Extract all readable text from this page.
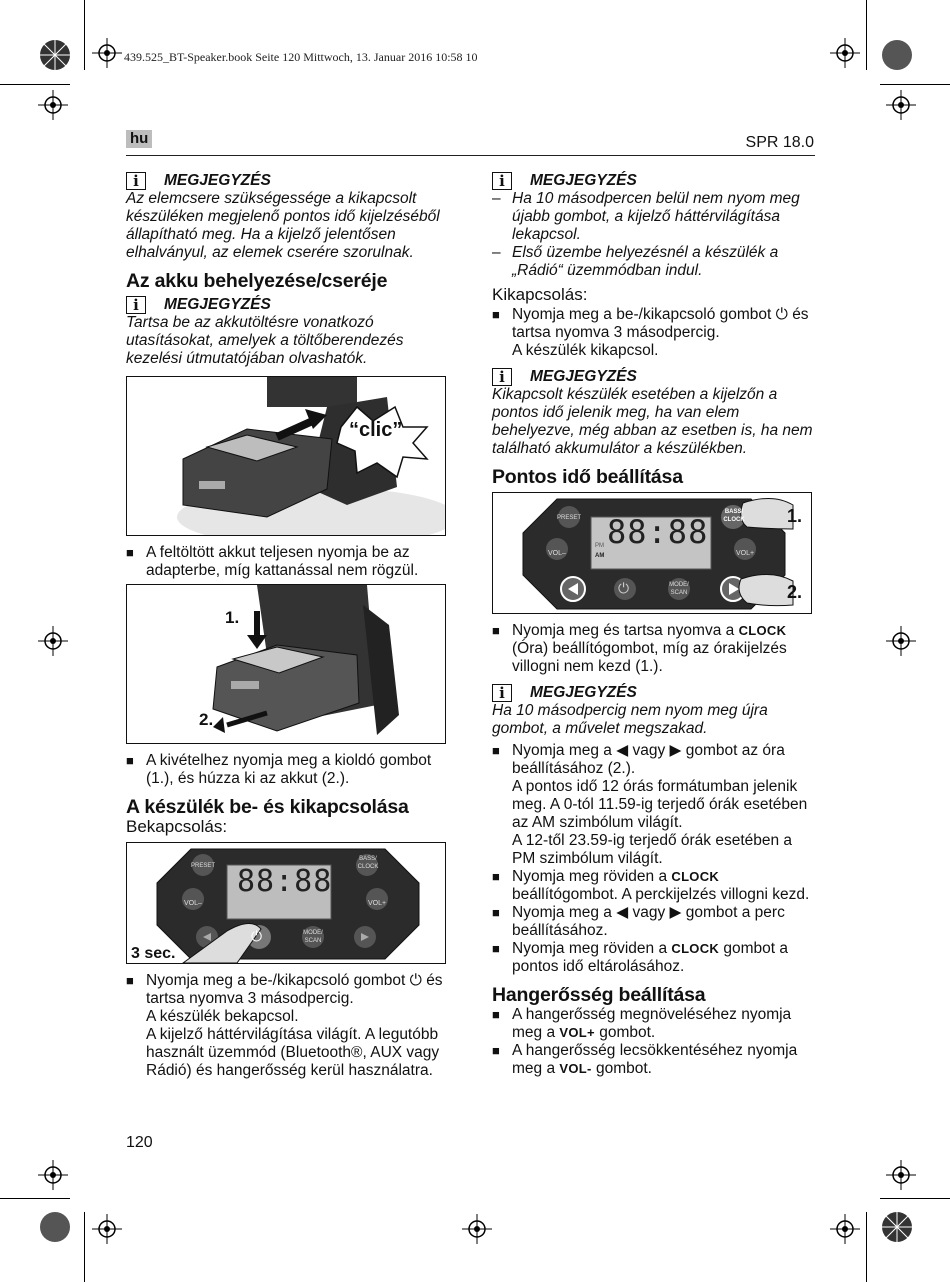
439.525_BT-Speaker.book Seite 120 Mittwoch, 13. Januar 2016 10:58 10
hu	SPR 18.0
i	MEGJEGYZÉS

Az elemcsere szükségessége a kikapcsolt készüléken megjelenő pontos idő kijelzéséből állapítható meg. Ha a kijelző jelentősen elhalványul, az elemek cserére szorulnak.

Az akku behelyezése/cseréje
i	MEGJEGYZÉS

Tartsa be az akkutöltésre vonatkozó utasításokat, amelyek a töltőberendezés kezelési útmutatójában olvashatók.

“clic”
■ A feltöltött akkut teljesen nyomja be az adapterbe, míg kattanással nem rögzül.
1.
2.
■ A kivételhez nyomja meg a kioldó gombot (1.), és húzza ki az akkut (2.).
A készülék be- és kikapcsolása
Bekapcsolás:
PRESET
BASS/ CLOCK
VOL–	VOL+
MODE/ SCAN
88:88
⏻
3 sec.
■ Nyomja meg a be-/kikapcsoló gombot ⏻ és tartsa nyomva 3 másodpercig.
A készülék bekapcsol.
A kijelző háttérvilágítása világít. A legutóbb használt üzemmód (Bluetooth®, AUX vagy Rádió) és hangerősség kerül használatra.
i	MEGJEGYZÉS
– Ha 10 másodpercen belül nem nyom meg újabb gombot, a kijelző háttérvilágítása lekapcsol.
– Első üzembe helyezésnél a készülék a „Rádió“ üzemmódban indul.
Kikapcsolás:
■ Nyomja meg a be-/kikapcsoló gombot ⏻ és tartsa nyomva 3 másodpercig.
A készülék kikapcsol.
i	MEGJEGYZÉS

Kikapcsolt készülék esetében a kijelzőn a pontos idő jelenik meg, ha van elem behelyezve, még abban az esetben is, ha nem található akkumulátor a készülékben.

Pontos idő beállítása
PRESET
BASS/ CLOCK
VOL–	VOL+
MODE/ SCAN
PM
AM
88:88
⏻
1.
2.
■ Nyomja meg és tartsa nyomva a CLOCK (Óra) beállítógombot, míg az órakijelzés villogni nem kezd (1.).
i	MEGJEGYZÉS

Ha 10 másodpercig nem nyom meg újra gombot, a művelet megszakad.

■ Nyomja meg a ◀ vagy ▶ gombot az óra beállításához (2.).
A pontos idő 12 órás formátumban jelenik meg. A 0-tól 11.59-ig terjedő órák esetében az AM szimbólum világít.
A 12-től 23.59-ig terjedő órák esetében a PM szimbólum világít.
■ Nyomja meg röviden a CLOCK beállítógombot. A perckijelzés villogni kezd.
■ Nyomja meg a ◀ vagy ▶ gombot a perc beállításához.
■ Nyomja meg röviden a CLOCK gombot a pontos idő eltárolásához.
Hangerősség beállítása
■ A hangerősség megnöveléséhez nyomja meg a VOL+ gombot.
■ A hangerősség lecsökkentéséhez nyomja meg a VOL- gombot.
120
